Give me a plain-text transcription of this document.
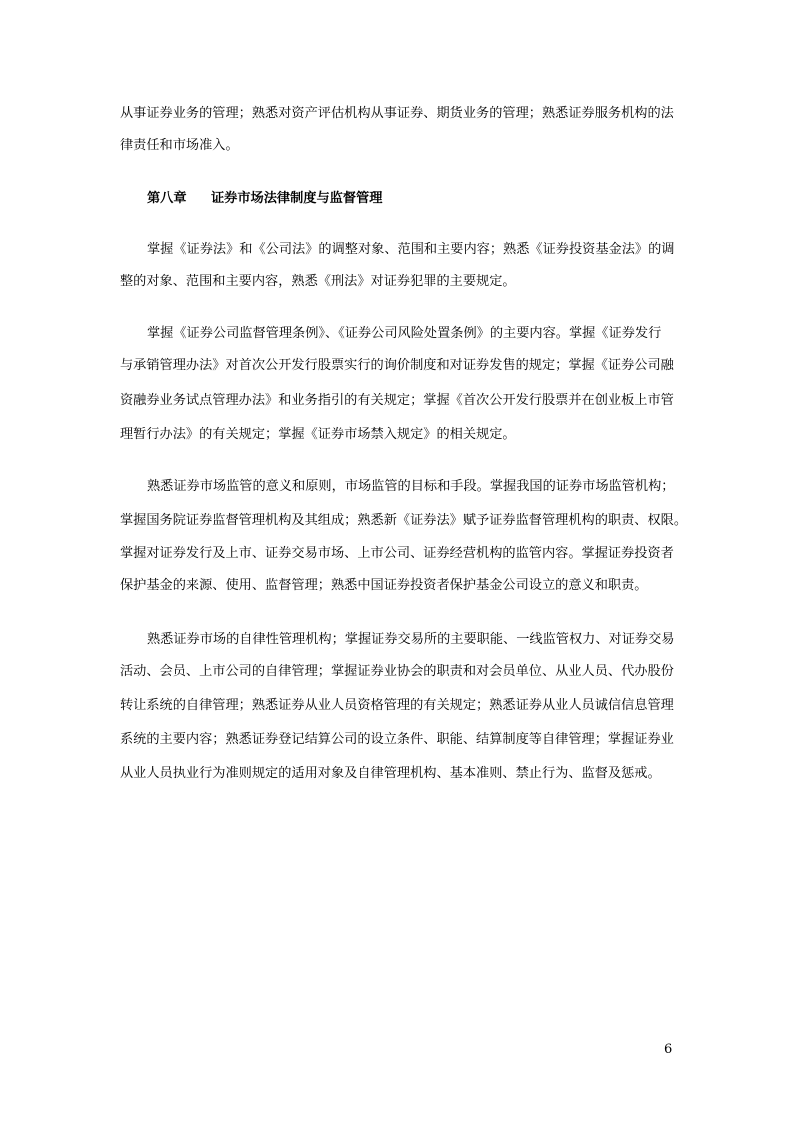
从事证券业务的管理；熟悉对资产评估机构从事证券、期货业务的管理；熟悉证券服务机构的法
律责任和市场准入。
第八章 证券市场法律制度与监督管理
掌握《证券法》和《公司法》的调整对象、范围和主要内容；熟悉《证券投资基金法》的调
整的对象、范围和主要内容，熟悉《刑法》对证券犯罪的主要规定。
掌握《证券公司监督管理条例》、《证券公司风险处置条例》的主要内容。掌握《证券发行
与承销管理办法》对首次公开发行股票实行的询价制度和对证券发售的规定；掌握《证券公司融
资融券业务试点管理办法》和业务指引的有关规定；掌握《首次公开发行股票并在创业板上市管
理暂行办法》的有关规定；掌握《证券市场禁入规定》的相关规定。
熟悉证券市场监管的意义和原则，市场监管的目标和手段。掌握我国的证券市场监管机构；
掌握国务院证券监督管理机构及其组成；熟悉新《证券法》赋予证券监督管理机构的职责、权限。
掌握对证券发行及上市、证券交易市场、上市公司、证券经营机构的监管内容。掌握证券投资者
保护基金的来源、使用、监督管理；熟悉中国证券投资者保护基金公司设立的意义和职责。
熟悉证券市场的自律性管理机构；掌握证券交易所的主要职能、一线监管权力、对证券交易
活动、会员、上市公司的自律管理；掌握证券业协会的职责和对会员单位、从业人员、代办股份
转让系统的自律管理；熟悉证券从业人员资格管理的有关规定；熟悉证券从业人员诚信信息管理
系统的主要内容；熟悉证券登记结算公司的设立条件、职能、结算制度等自律管理；掌握证券业
从业人员执业行为准则规定的适用对象及自律管理机构、基本准则、禁止行为、监督及惩戒。
6
